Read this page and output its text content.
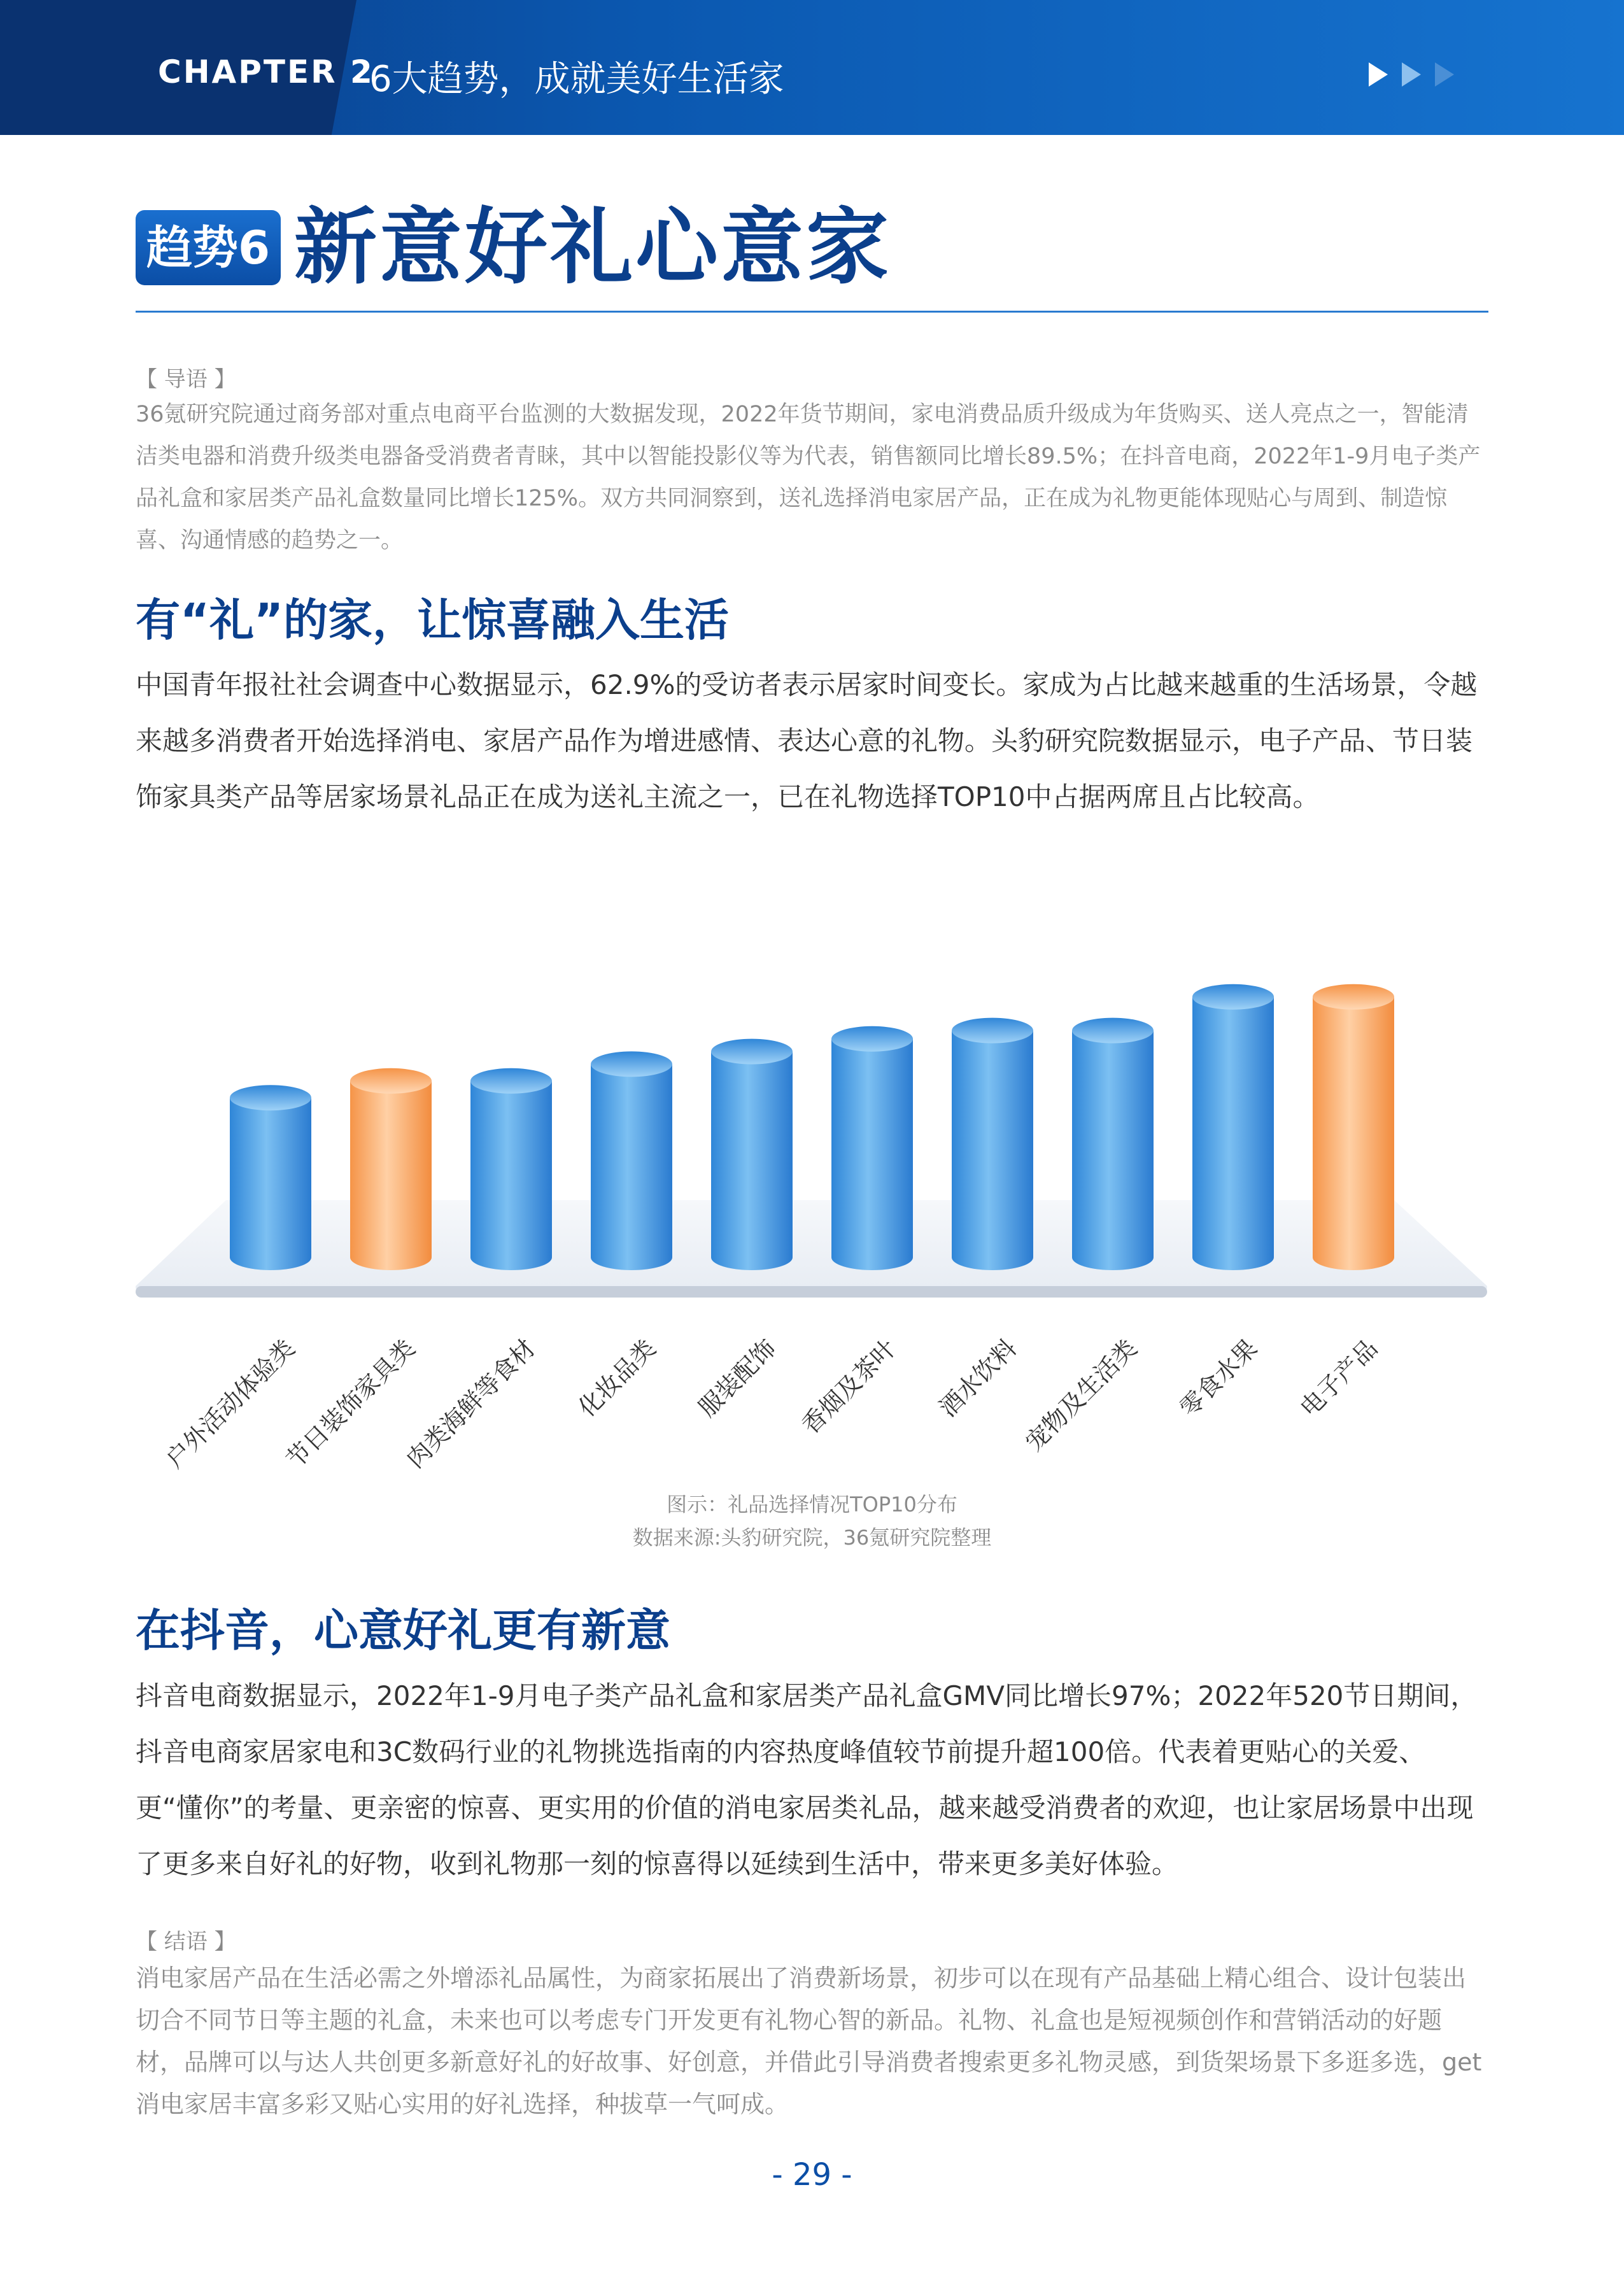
CHAPTER 2
6大趋势，成就美好生活家
趋势6 新意好礼心意家
【 导语 】

36氪研究院通过商务部对重点电商平台监测的大数据发现，2022年货节期间，家电消费品质升级成为年货购买、送人亮点之一，智能清洁类电器和消费升级类电器备受消费者青睐，其中以智能投影仪等为代表，销售额同比增长89.5%；在抖音电商，2022年1-9月电子类产品礼盒和家居类产品礼盒数量同比增长125%。双方共同洞察到，送礼选择消电家居产品，正在成为礼物更能体现贴心与周到、制造惊喜、沟通情感的趋势之一。

有“礼”的家，让惊喜融入生活

中国青年报社社会调查中心数据显示，62.9%的受访者表示居家时间变长。家成为占比越来越重的生活场景，令越来越多消费者开始选择消电、家居产品作为增进感情、表达心意的礼物。头豹研究院数据显示，电子产品、节日装饰家具类产品等居家场景礼品正在成为送礼主流之一，已在礼物选择TOP10中占据两席且占比较高。

户外活动体验类
节日装饰家具类
肉类海鲜等食材 化妆品类 服装配饰 香烟及茶叶 酒水饮料
宠物及生活类 零食水果 电子产品
图示：礼品选择情况TOP10分布
数据来源:头豹研究院，36氪研究院整理
在抖音，心意好礼更有新意

抖音电商数据显示，2022年1-9月电子类产品礼盒和家居类产品礼盒GMV同比增长97%；2022年520节日期间，抖音电商家居家电和3C数码行业的礼物挑选指南的内容热度峰值较节前提升超100倍。代表着更贴心的关爱、更“懂你”的考量、更亲密的惊喜、更实用的价值的消电家居类礼品，越来越受消费者的欢迎，也让家居场景中出现了更多来自好礼的好物，收到礼物那一刻的惊喜得以延续到生活中，带来更多美好体验。

【 结语 】

消电家居产品在生活必需之外增添礼品属性，为商家拓展出了消费新场景，初步可以在现有产品基础上精心组合、设计包装出切合不同节日等主题的礼盒，未来也可以考虑专门开发更有礼物心智的新品。礼物、礼盒也是短视频创作和营销活动的好题材，品牌可以与达人共创更多新意好礼的好故事、好创意，并借此引导消费者搜索更多礼物灵感，到货架场景下多逛多选，get消电家居丰富多彩又贴心实用的好礼选择，种拔草一气呵成。

- 29 -
